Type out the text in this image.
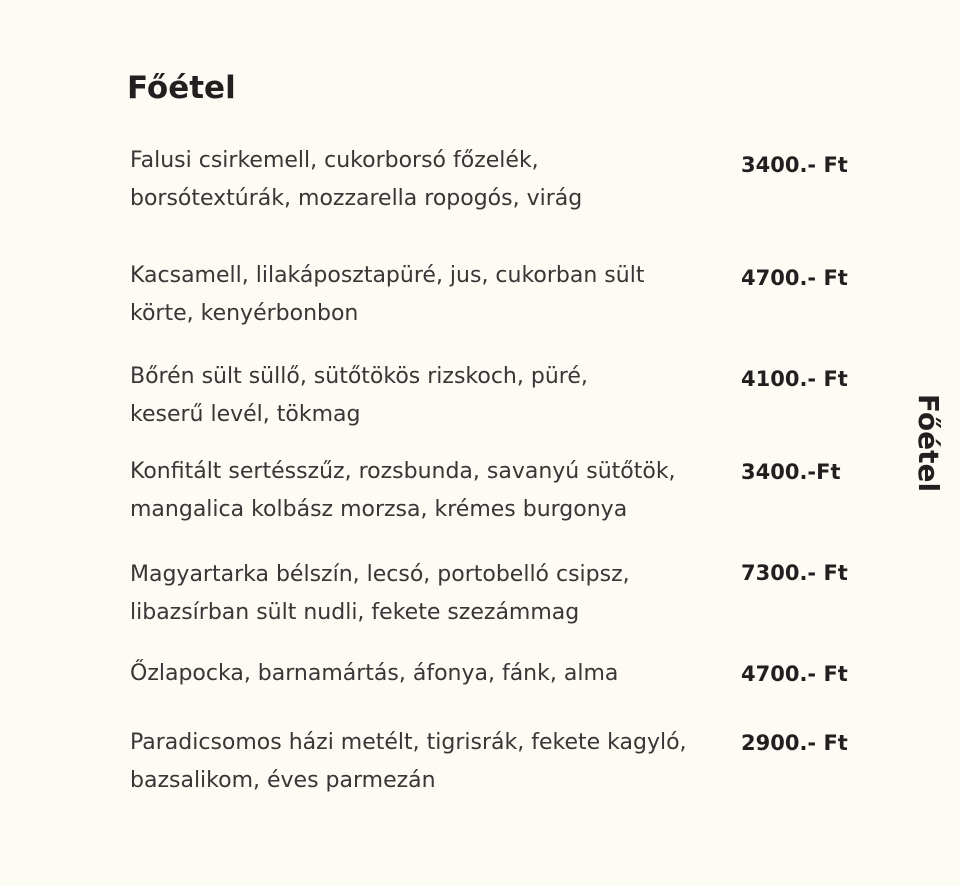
Főétel
Falusi csirkemell, cukorborsó főzelék,
borsótextúrák, mozzarella ropogós, virág
3400.- Ft
Kacsamell, lilakáposztapüré, jus, cukorban sült
körte, kenyérbonbon
4700.- Ft
Bőrén sült süllő, sütőtökös rizskoch, püré,
keserű levél, tökmag
4100.- Ft
Konfitált sertésszűz, rozsbunda, savanyú sütőtök,
mangalica kolbász morzsa, krémes burgonya
3400.-Ft
Magyartarka bélszín, lecsó, portobelló csipsz,
libazsírban sült nudli, fekete szezámmag
7300.- Ft
Őzlapocka, barnamártás, áfonya, fánk, alma	4700.- Ft
Paradicsomos házi metélt, tigrisrák, fekete kagyló,
bazsalikom, éves parmezán
2900.- Ft
Főétel
